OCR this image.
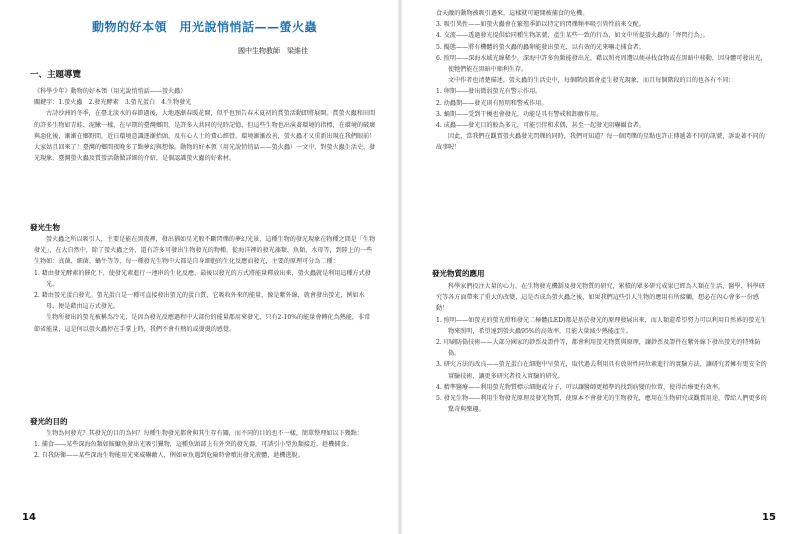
動物的好本領　用光說悄悄話——螢火蟲
國中生物教師　梁維佳
一、主題導覽

《科學少年》動物的好本領（用光說悄悄話——螢火蟲）

關鍵字：1.螢火蟲　2.發光酵素　3.螢光蛋白　4.生物發光

古詩沙洲的冬季，在臺北淡水的春節過後，大地逐漸春暖花開，似乎也預告春末夏初的賞螢活動即將展開。賞螢火蟲和田間的許多生物如青蛙、泥鰍一樣，在早期的臺灣鄉間，是許多人共同的兒時記憶，但這些生物也出演著環境的指標，在環境的破壞與惡化後，漸漸在鄉野間，近日環境意識逐漸抬頭，及有心人士的費心經營，環境漸漸改善，螢火蟲才又重新出現在我們眼前！大家姑且回來了！臺灣的鄉間夜晚多了點夢幻與想像。動物的好本領（用光說悄悄話——螢火蟲）一文中，對螢火蟲生活史、發光現象、臺灣螢火蟲及賞螢活動做詳細的介紹，是個認識螢火蟲的好素材。

發光生物

螢火蟲之所以吸引人，主要是能在黑夜裡，發出猶如星光般不斷閃爍的夢幻光景，這種生物的發光現象在物種之間是「生物發光」，在大自然中，除了螢火蟲之外，還有許多可發出生物發光的物種，從海洋裡的發光藻類、魚類、水母等，到陸上的一些生物如：真菌、細菌、蝸牛等等，每一種發光生物中大都是自身細胞的生化反應而發光，主要的原理可分為二種：

1. 藉由發光酵素的催化下，使發光素進行一連串的生化反應，最後以發光的方式將能量釋放出來，螢火蟲就是利用這種方式發光。
2. 藉由螢光蛋白發光。螢光蛋白是一種可直接發出螢光的蛋白質，它吸收外來的能量，像是紫外線，就會發出螢光，例如水母，便是藉由這方式發光。

生物所發出的螢光被稱為冷光，是因為發光反應過程中大部份的能量都用來發光，只有2-10%的能量會轉化為熱能，非常節省能量，這是何以螢火蟲停在手掌上時，我們不會有熱的或燙燙的感覺。

發光的目的

生物為何發光？其發光的目的為何？每種生物發光都會與其生存有關，而不同的目的也不一樣，簡單整理如以下幾點：

1. 捕食——某些深海魚類如鮟鱇魚發出光吸引獵物，這種魚頭部上有外突的發光器，可誘引小型魚類接近，趁機捕食。
2. 自我防衛——某些深海生物能用光來威嚇敵人，例如章魚遇到危險時會噴出發光液體，趁機逃脫。
14

食天敵的動物被吸引過來，這樣就可避開被捕食的危機。

3. 吸引異性——如螢火蟲會在繁殖季節以特定的閃爍頻率吸引異性前來交配。
4. 交流——透過發光提供給同種生物訊號，產生某些一致的行為，如文中所提螢火蟲的「齊閃行為」。
5. 擬態——將有機體的螢火蟲的蟲卵能發出螢光，以有效的光來嚇走捕食者。
6. 照明——深海水域光線稀少，深海中許多魚類能發出光，藉以照亮周遭以便尋找食物或在黑暗中移動，因身體可發出光，使牠們能在黑暗中順利生存。

文中作者也清楚描述，螢火蟲的生活史中，每個階段都會產生發光現象，而且每個階段的目的也各有不同：

1. 卵期——發出微弱螢光有警示作用。
2. 幼蟲期——發光則有照明和警戒作用。
3. 蛹期——受到干擾也會發光，功能是具有警戒和卸敵作用。
4. 成蟲——發光目的較為多元，可能引伴和求偶，甚至一起發光阻嚇攝食者。

因此，當我們在觀賞螢火蟲發光閃爍的同時，我們可知道？每一個閃爍的星點也許正傳遞著不同的訊號，訴說著不同的故事喔！

發光物質的應用

科學家們投注大量的心力，在生物發光機制及發光物質的研究，累積的眾多研究成果已經為人類在生活、醫學、科學研究等各方面帶來了重大的改變，這是否成為螢火蟲之後，如果我們這些引人生物的應用有所接觸，想必在內心會多一份感動！

1. 照明——如螢光的螢光燈和發光二極體(LED)都是基於發光的原理發展出來，而人類還希望努力可以利用自然界的螢光生物來照明，希望達到螢火蟲95%的高效率，且能大量減少熱能產生。
2. 印刷防偽技術——大部分國家的鈔票及證件等，都會利用螢光物質與原理，讓鈔票及證件在紫外線下發出螢光的特殊防偽。
3. 研究方法的改良——螢光蛋白在細胞中呈螢光，取代過去利用具有放射性同位素進行的實驗方法，讓研究者擁有更安全的實驗技術，讓更多研究者投入實驗的研究。
4. 精準醫療——利用螢光物質標示細胞或分子，可以讓醫師更精準的找到病變的位置，使得治療更有效率。
5. 發光生物——利用生物發光原理及發光物質，使原本不會發光的生物發光，應用在生物研究或觀賞用途，帶給人們更多的驚奇與樂趣。
15
